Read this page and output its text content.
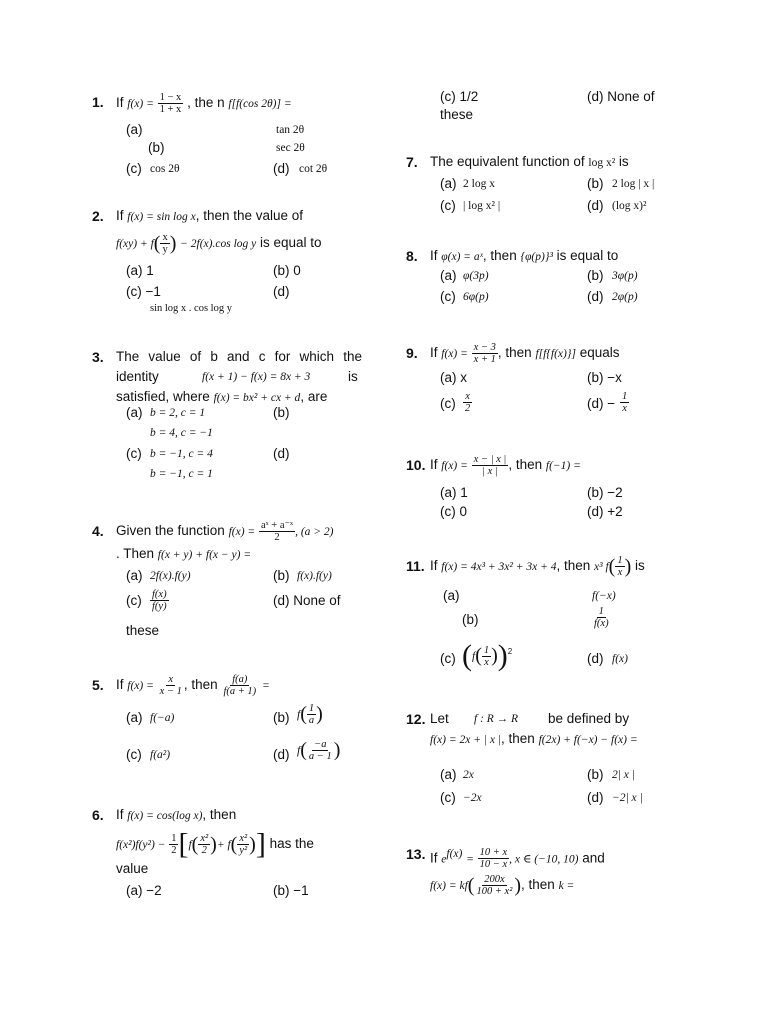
1. If $f(x) = \frac{1 - x}{1 + x}$ , the n f[f(cos 2θ)] =
(a)	tan 2θ
(b)	sec 2θ
(c) cos 2θ	(d) cot 2θ
2. If f(x) = sin log x, then the value of
$f(xy) + f( \frac{x}{y}$ ) − 2f(x).cos log y is equal to
(a) 1	(b) 0
(c) −1	(d)
sin log x . cos log y
3. The value of b and c for which the
identity	f(x + 1) − f(x) = 8x + 3	is
satisfied, where f(x) = bx² + cx + d, are
(a) b = 2, c = 1	(b)
b = 4, c = −1
(c) b = −1, c = 4	(d)
b = −1, c = 1
4. Given the function $f(x) = \frac{\text{aˣ + a⁻ˣ}}{2}$ , (a > 2)
. Then f(x + y) + f(x − y) =
(a) 2f(x).f(y)	(b) f(x).f(y)
$(c) \frac{f(x)}{f(y)}$	(d) None of
these
5. If $f(x) = \frac{x}{x - 1}$ , then $\frac{f(a)}{f(a + 1)}$ =
(a) f(−a)	(b) $f( \frac{1}{a}$ )
(c) f(a²)	(d) $f( \frac{-a}{a - 1}$ )
6. If f(x) = cos(log x), then
$f(x^2)f(y^2) - \frac{1}{2} [f( \frac{\text{x²}}{2}$ )+ $f( \frac{\text{x²}}{\text{y²}}$ )] has the
value
(a) −2	(b) −1
(c) 1/2	(d) None of
these
7. The equivalent function of log x² is
(a) 2 log x	(b) 2 log | x |
(c) | log x² |	(d) (log x)²
8. If φ(x) = aˣ, then {φ(p)}³ is equal to
(a) φ(3p)	(b) 3φ(p)
(c) 6φ(p)	(d) 2φ(p)
9. If $f(x) = \frac{x - 3}{x + 1}$ , then f[f{f(x)}] equals
(a) x	(b) −x
$(c) \frac{x}{2}$	$(d) - \frac{1}{x}$
10. If $f(x) = \frac{x - | x |}{| x |}$ , then f(−1) =
(a) 1	(b) −2
(c) 0	(d) +2
11. If f(x) = 4x³ + 3x² + 3x + 4, then x³ $f( \frac{1}{x}$ ) is
(a)	f(−x)
(b)	$\frac{1}{f(x)}$
(c) $(f( \frac{1}{x} ))^2$	(d) f(x)
12. Let f : R → R be defined by
f(x) = 2x + | x |, then f(2x) + f(−x) − f(x) =
(a) 2x	(b) 2| x |
(c) −2x	(d) −2| x |
13. If $e^{f(x)} = \frac{10 + x}{10 - x}$ , x ∈ (−10, 10) and
$f(x) = kf( \frac{200x}{\text{100 + x²}}$ ), then k =
